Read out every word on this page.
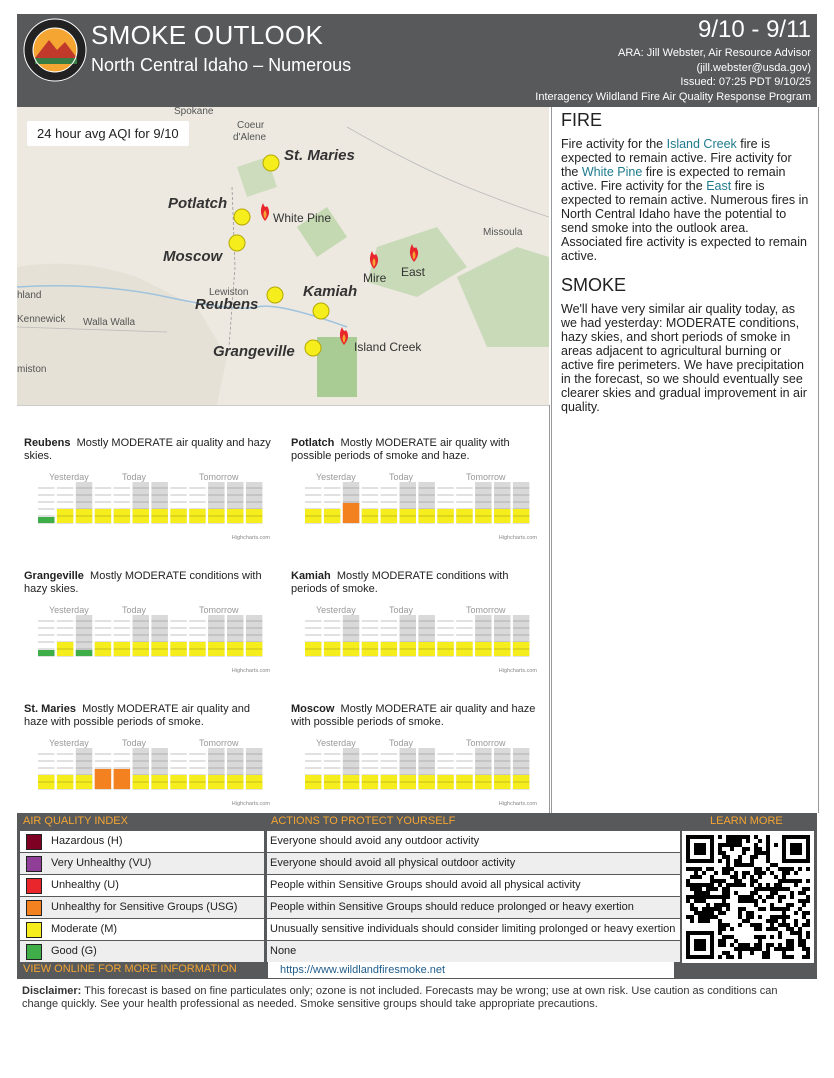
SMOKE OUTLOOK
North Central Idaho – Numerous
9/10 - 9/11
ARA: Jill Webster, Air Resource Advisor
(jill.webster@usda.gov)
Issued: 07:25 PDT 9/10/25
Interagency Wildland Fire Air Quality Response Program
24 hour avg AQI for 9/10
Spokane
Coeur
d'Alene
Missoula
Lewiston
hland
Kennewick Walla Walla
miston
St. Maries
Potlatch
Moscow
Reubens
Kamiah
Grangeville
White Pine
Mire East
Island Creek
FIRE

Fire activity for the Island Creek fire is expected to remain active. Fire activity for the White Pine fire is expected to remain active. Fire activity for the East fire is expected to remain active. Numerous fires in North Central Idaho have the potential to send smoke into the outlook area. Associated fire activity is expected to remain active.

SMOKE

We'll have very similar air quality today, as we had yesterday: MODERATE conditions, hazy skies, and short periods of smoke in areas adjacent to agricultural burning or active fire perimeters. We have precipitation in the forecast, so we should eventually see clearer skies and gradual improvement in air quality.

Reubens Mostly MODERATE air quality and hazy skies.
Yesterday	Today	Tomorrow
Highcharts.com
Potlatch Mostly MODERATE air quality with possible periods of smoke and haze.
Yesterday	Today	Tomorrow
Highcharts.com
Grangeville Mostly MODERATE conditions with hazy skies.
Yesterday	Today	Tomorrow
Highcharts.com
Kamiah Mostly MODERATE conditions with periods of smoke.
Yesterday	Today	Tomorrow
Highcharts.com
St. Maries Mostly MODERATE air quality and haze with possible periods of smoke.
Yesterday	Today	Tomorrow
Highcharts.com
Moscow Mostly MODERATE air quality and haze with possible periods of smoke.
Yesterday	Today	Tomorrow
Highcharts.com
AIR QUALITY INDEX	ACTIONS TO PROTECT YOURSELF	LEARN MORE
Hazardous (H)	Everyone should avoid any outdoor activity
Very Unhealthy (VU)	Everyone should avoid all physical outdoor activity
Unhealthy (U)	People within Sensitive Groups should avoid all physical activity
Unhealthy for Sensitive Groups (USG)	People within Sensitive Groups should reduce prolonged or heavy exertion
Moderate (M)	Unusually sensitive individuals should consider limiting prolonged or heavy exertion
Good (G)	None
VIEW ONLINE FOR MORE INFORMATION	https://www.wildlandfiresmoke.net
Disclaimer: This forecast is based on fine particulates only; ozone is not included. Forecasts may be wrong; use at own risk. Use caution as conditions can change quickly. See your health professional as needed. Smoke sensitive groups should take appropriate precautions.
